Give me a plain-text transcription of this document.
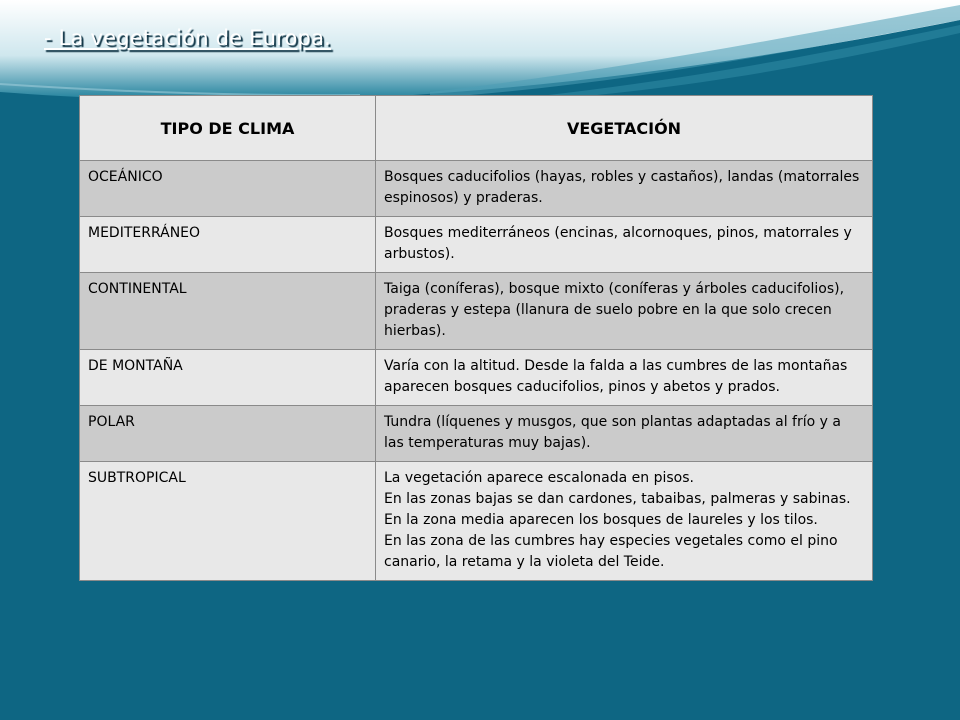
- La vegetación de Europa.
TIPO DE CLIMA	VEGETACIÓN
OCEÁNICO	Bosques caducifolios (hayas, robles y castaños), landas (matorrales espinosos) y praderas.
MEDITERRÁNEO	Bosques mediterráneos (encinas, alcornoques, pinos, matorrales y arbustos).
CONTINENTAL	Taiga (coníferas), bosque mixto (coníferas y árboles caducifolios), praderas y estepa (llanura de suelo pobre en la que solo crecen hierbas).
DE MONTAÑA	Varía con la altitud. Desde la falda a las cumbres de las montañas aparecen bosques caducifolios, pinos y abetos y prados.
POLAR	Tundra (líquenes y musgos, que son plantas adaptadas al frío y a las temperaturas muy bajas).
SUBTROPICAL	La vegetación aparece escalonada en pisos.
En las zonas bajas se dan cardones, tabaibas, palmeras y sabinas.
En la zona media aparecen los bosques de laureles y los tilos.
En las zona de las cumbres hay especies vegetales como el pino canario, la retama y la violeta del Teide.
